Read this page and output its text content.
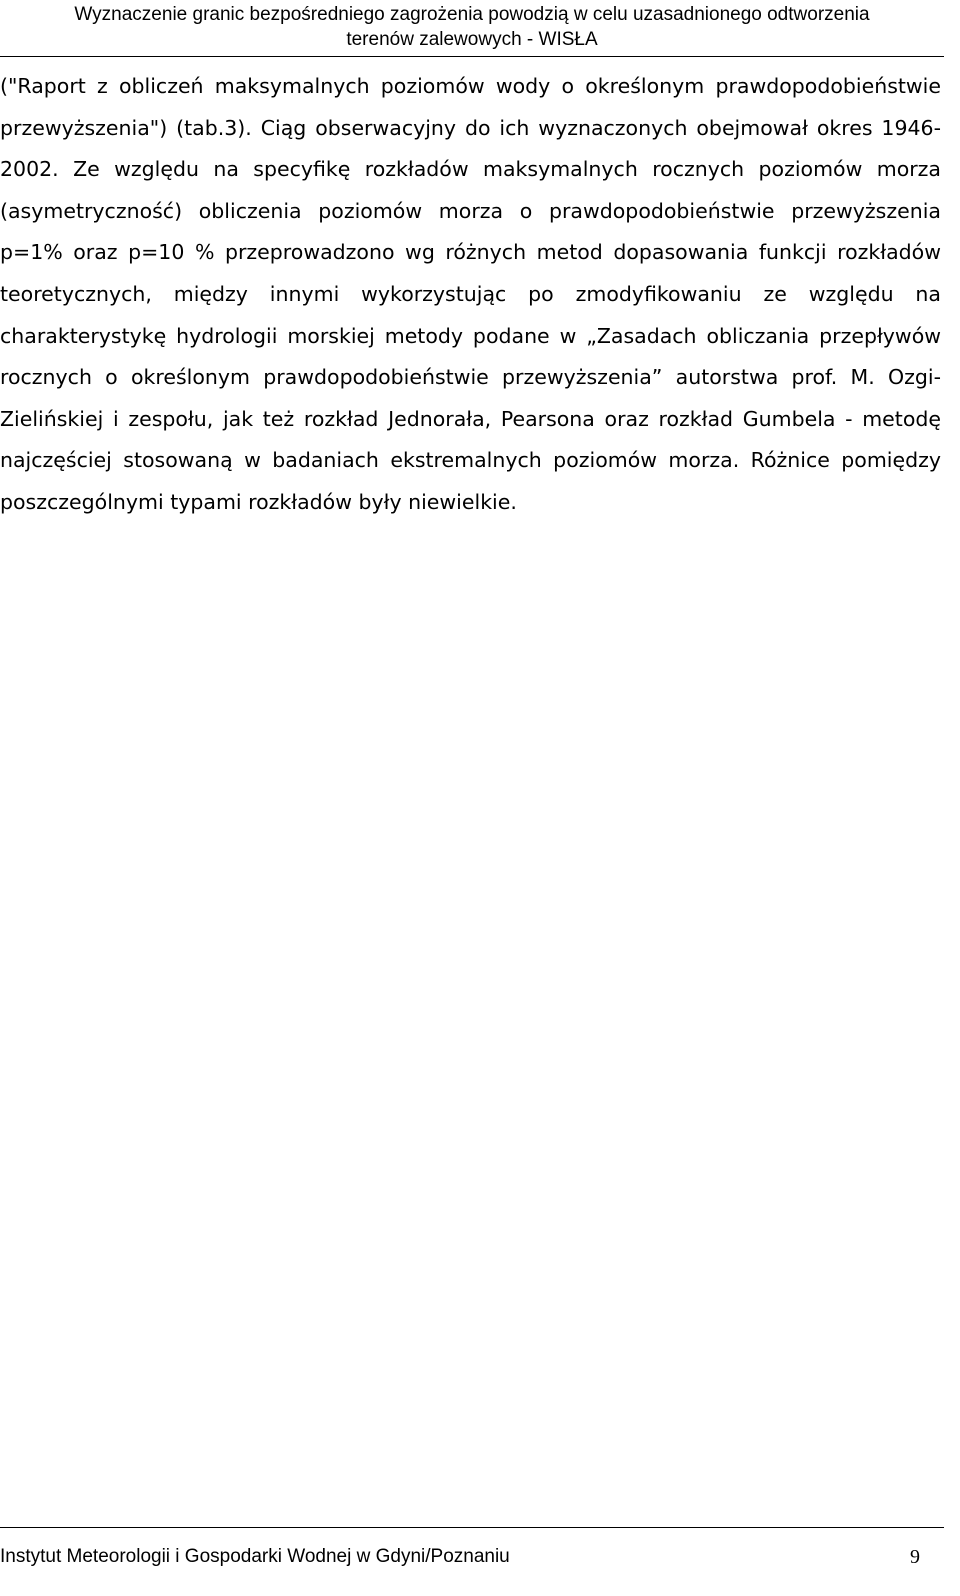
Wyznaczenie granic bezpośredniego zagrożenia powodzią w celu uzasadnionego odtworzenia
terenów zalewowych - WISŁA

("Raport z obliczeń maksymalnych poziomów wody o określonym prawdopodobieństwie przewyższenia") (tab.3). Ciąg obserwacyjny do ich wyznaczonych obejmował okres 1946-2002. Ze względu na specyfikę rozkładów maksymalnych rocznych poziomów morza (asymetryczność) obliczenia poziomów morza o prawdopodobieństwie przewyższenia p=1% oraz p=10 % przeprowadzono wg różnych metod dopasowania funkcji rozkładów teoretycznych, między innymi wykorzystując po zmodyfikowaniu ze względu na charakterystykę hydrologii morskiej metody podane w „Zasadach obliczania przepływów rocznych o określonym prawdopodobieństwie przewyższenia” autorstwa prof. M. Ozgi-Zielińskiej i zespołu, jak też rozkład Jednorała, Pearsona oraz rozkład Gumbela - metodę najczęściej stosowaną w badaniach ekstremalnych poziomów morza. Różnice pomiędzy poszczególnymi typami rozkładów były niewielkie.

Instytut Meteorologii i Gospodarki Wodnej w Gdyni/Poznaniu	9
